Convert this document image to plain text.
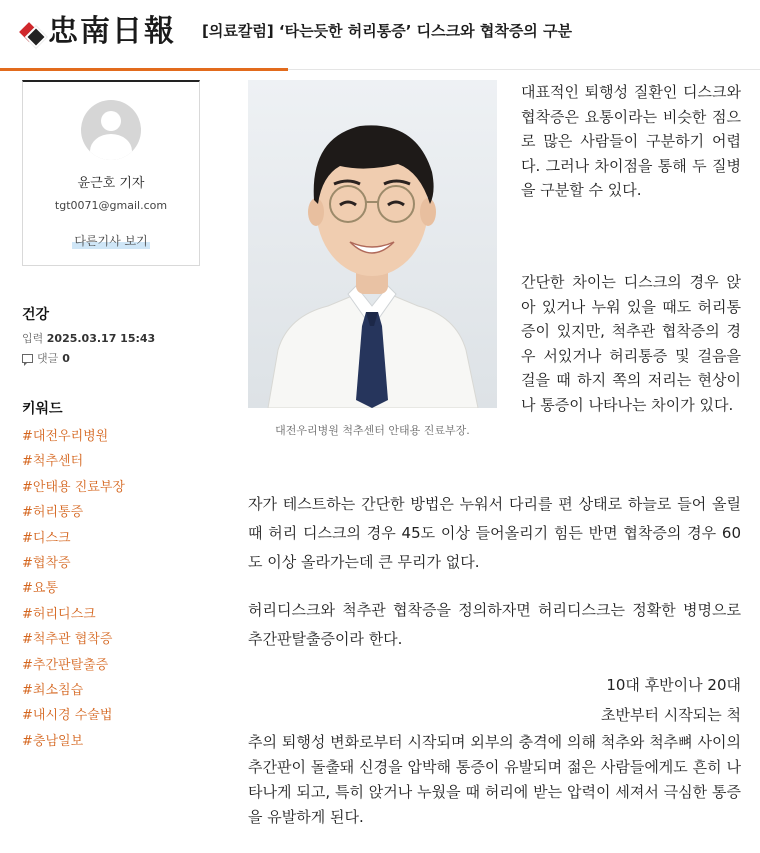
忠南日報 [의료칼럼] ‘타는듯한 허리통증’ 디스크와 협착증의 구분
윤근호 기자
tgt0071@gmail.com
다른기사 보기
건강
입력 2025.03.17 15:43
댓글 0
키워드
#대전우리병원
#척추센터
#안태용 진료부장
#허리통증
#디스크
#협착증
#요통
#허리디스크
#척추관 협착증
#추간판탈출증
#최소침습
#내시경 수술법
#충남일보
대전우리병원 척추센터 안태용 진료부장.

대표적인 퇴행성 질환인 디스크와 협착증은 요통이라는 비슷한 점으로 많은 사람들이 구분하기 어렵다. 그러나 차이점을 통해 두 질병을 구분할 수 있다.

간단한 차이는 디스크의 경우 앉아 있거나 누워 있을 때도 허리통증이 있지만, 척추관 협착증의 경우 서있거나 허리통증 및 걸음을 걸을 때 하지 쪽의 저리는 현상이나 통증이 나타나는 차이가 있다.

자가 테스트하는 간단한 방법은 누워서 다리를 편 상태로 하늘로 들어 올릴 때 허리 디스크의 경우 45도 이상 들어올리기 힘든 반면 협착증의 경우 60도 이상 올라가는데 큰 무리가 없다.

허리디스크와 척추관 협착증을 정의하자면 허리디스크는 정확한 병명으로 추간판탈출증이라 한다.

10대 후반이나 20대

초반부터 시작되는 척

추의 퇴행성 변화로부터 시작되며 외부의 충격에 의해 척추와 척추뼈 사이의 추간판이 돌출돼 신경을 압박해 통증이 유발되며 젊은 사람들에게도 흔히 나타나게 되고, 특히 앉거나 누웠을 때 허리에 받는 압력이 세져서 극심한 통증을 유발하게 된다.
